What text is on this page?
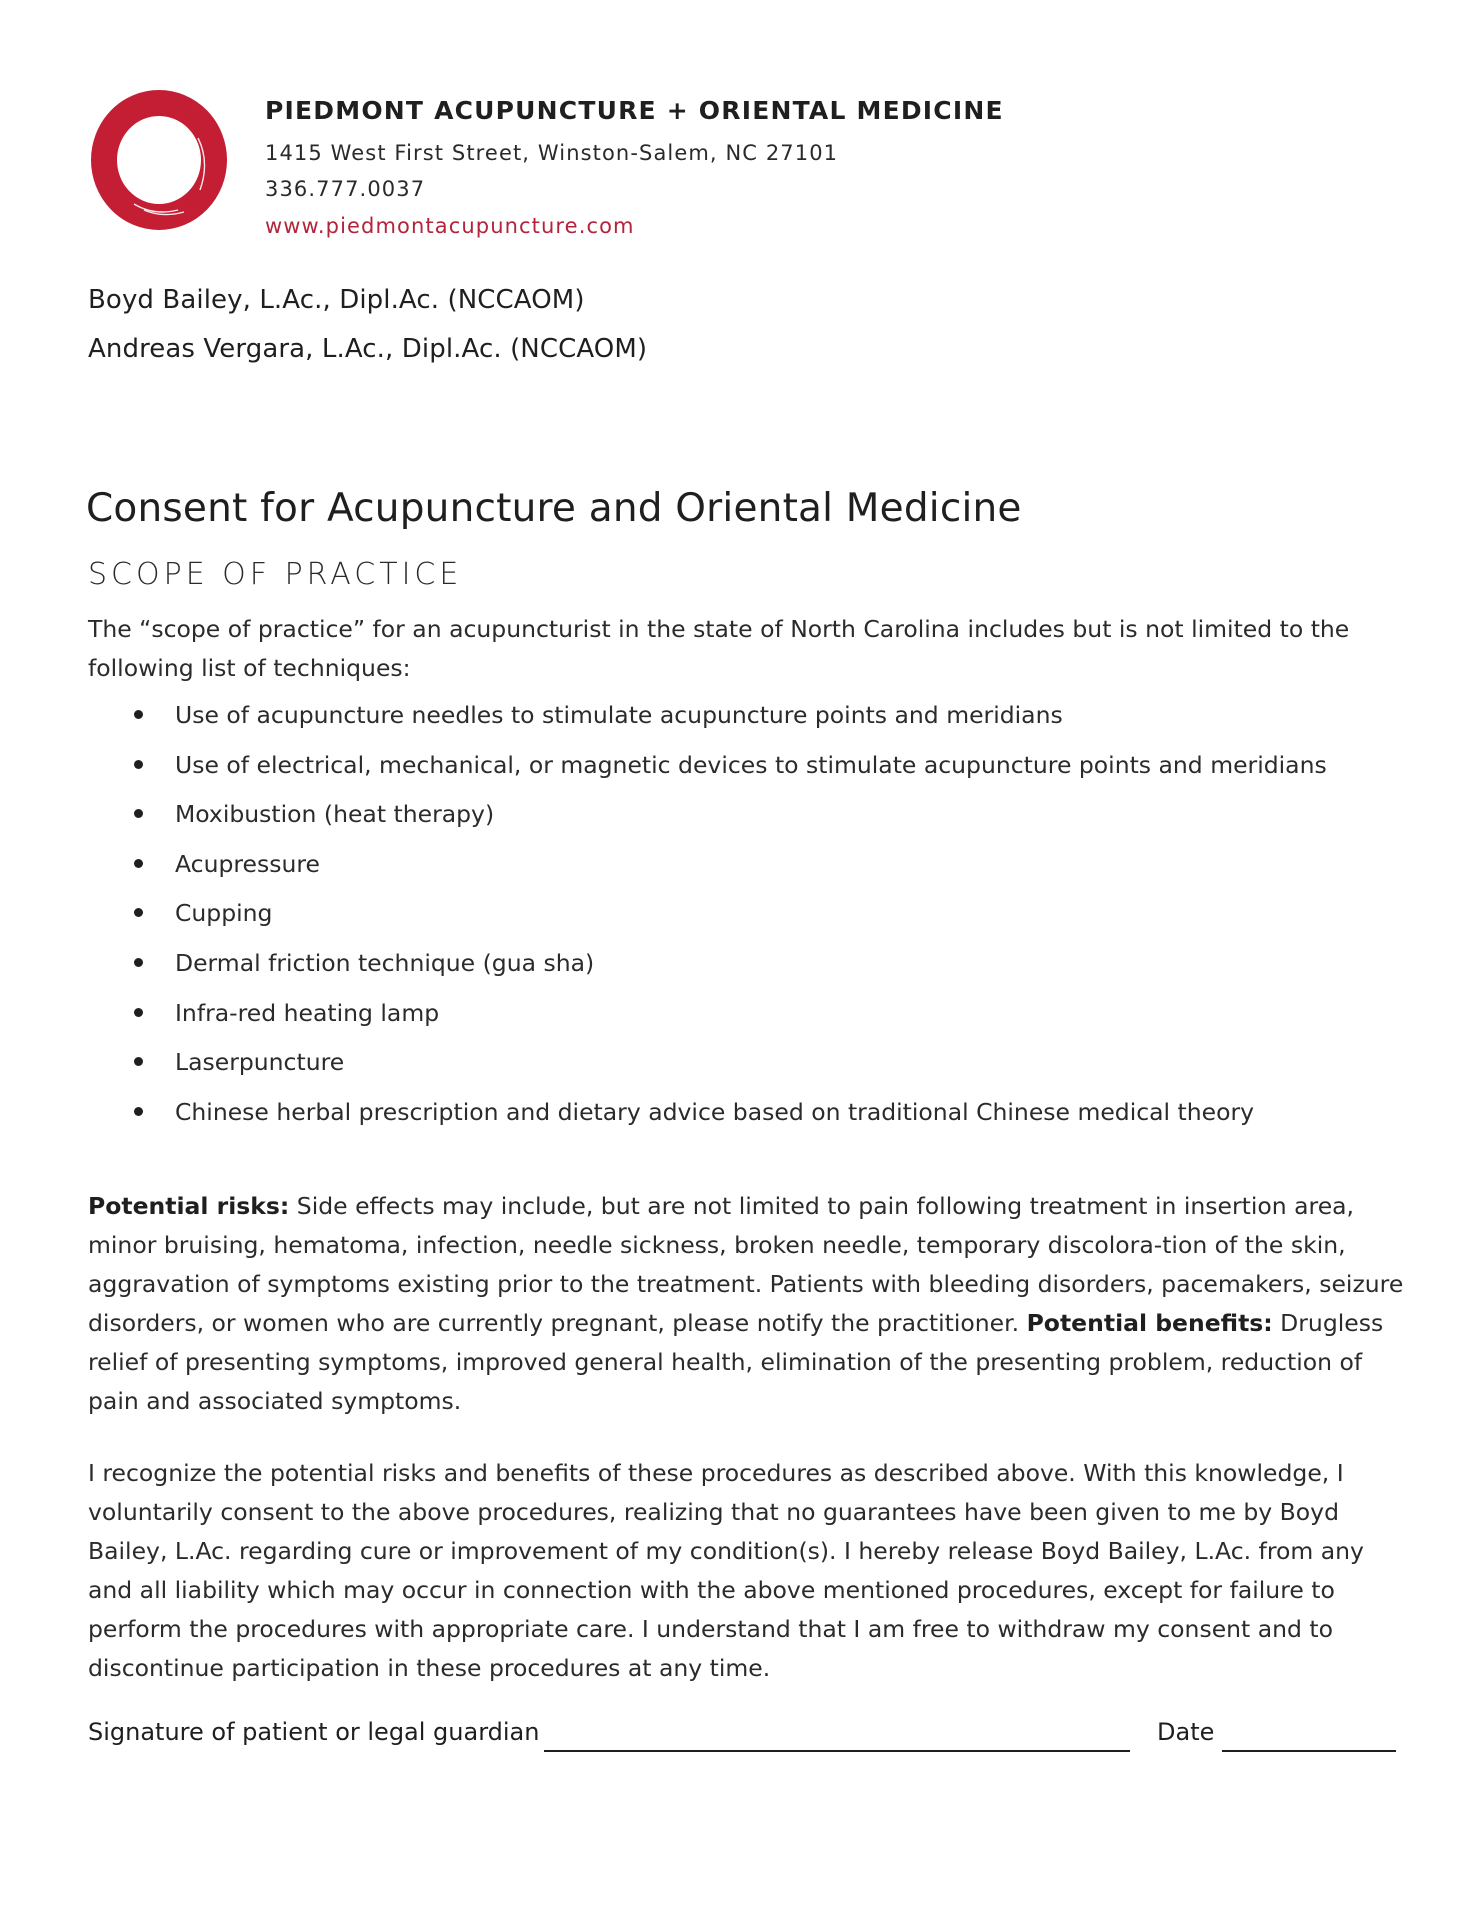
PIEDMONT ACUPUNCTURE + ORIENTAL MEDICINE
1415 West First Street, Winston-Salem, NC 27101
336.777.0037
www.piedmontacupuncture.com
Boyd Bailey, L.Ac., Dipl.Ac. (NCCAOM)
Andreas Vergara, L.Ac., Dipl.Ac. (NCCAOM)
Consent for Acupuncture and Oriental Medicine
SCOPE OF PRACTICE
The “scope of practice” for an acupuncturist in the state of North Carolina includes but is not limited to the
following list of techniques:
Use of acupuncture needles to stimulate acupuncture points and meridians
Use of electrical, mechanical, or magnetic devices to stimulate acupuncture points and meridians
Moxibustion (heat therapy)
Acupressure
Cupping
Dermal friction technique (gua sha)
Infra-red heating lamp
Laserpuncture
Chinese herbal prescription and dietary advice based on traditional Chinese medical theory
Potential risks: Side effects may include, but are not limited to pain following treatment in insertion area,
minor bruising, hematoma, infection, needle sickness, broken needle, temporary discolora-tion of the skin,
aggravation of symptoms existing prior to the treatment. Patients with bleeding disorders, pacemakers, seizure
disorders, or women who are currently pregnant, please notify the practitioner. Potential benefits: Drugless
relief of presenting symptoms, improved general health, elimination of the presenting problem, reduction of
pain and associated symptoms.
I recognize the potential risks and benefits of these procedures as described above. With this knowledge, I
voluntarily consent to the above procedures, realizing that no guarantees have been given to me by Boyd
Bailey, L.Ac. regarding cure or improvement of my condition(s). I hereby release Boyd Bailey, L.Ac. from any
and all liability which may occur in connection with the above mentioned procedures, except for failure to
perform the procedures with appropriate care. I understand that I am free to withdraw my consent and to
discontinue participation in these procedures at any time.
Signature of patient or legal guardian	Date
